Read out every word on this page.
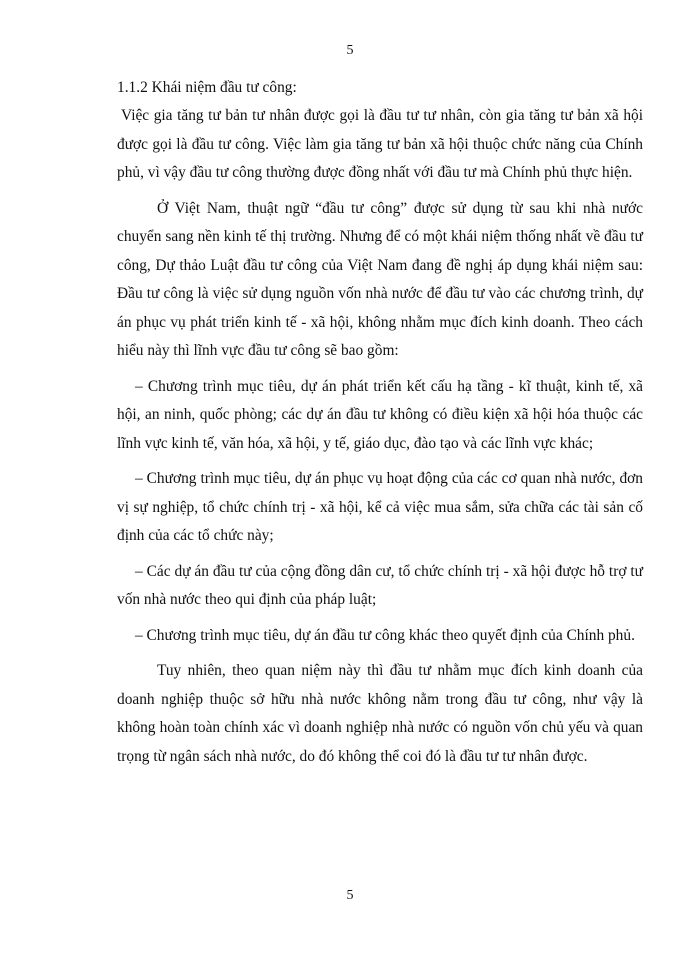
5
1.1.2 Khái niệm đầu tư công:

Việc gia tăng tư bản tư nhân được gọi là đầu tư tư nhân, còn gia tăng tư bản xã hội được gọi là đầu tư công. Việc làm gia tăng tư bản xã hội thuộc chức năng của Chính phủ, vì vậy đầu tư công thường được đồng nhất với đầu tư mà Chính phủ thực hiện.

Ở Việt Nam, thuật ngữ “đầu tư công” được sử dụng từ sau khi nhà nước chuyển sang nền kinh tế thị trường. Nhưng để có một khái niệm thống nhất về đầu tư công, Dự thảo Luật đầu tư công của Việt Nam đang đề nghị áp dụng khái niệm sau: Đầu tư công là việc sử dụng nguồn vốn nhà nước để đầu tư vào các chương trình, dự án phục vụ phát triển kinh tế - xã hội, không nhằm mục đích kinh doanh. Theo cách hiểu này thì lĩnh vực đầu tư công sẽ bao gồm:

– Chương trình mục tiêu, dự án phát triển kết cấu hạ tầng - kĩ thuật, kinh tế, xã hội, an ninh, quốc phòng; các dự án đầu tư không có điều kiện xã hội hóa thuộc các lĩnh vực kinh tế, văn hóa, xã hội, y tế, giáo dục, đào tạo và các lĩnh vực khác;

– Chương trình mục tiêu, dự án phục vụ hoạt động của các cơ quan nhà nước, đơn vị sự nghiệp, tổ chức chính trị - xã hội, kể cả việc mua sắm, sửa chữa các tài sản cố định của các tổ chức này;

– Các dự án đầu tư của cộng đồng dân cư, tổ chức chính trị - xã hội được hỗ trợ tư vốn nhà nước theo qui định của pháp luật;

– Chương trình mục tiêu, dự án đầu tư công khác theo quyết định của Chính phủ.

Tuy nhiên, theo quan niệm này thì đầu tư nhằm mục đích kinh doanh của doanh nghiệp thuộc sở hữu nhà nước không nằm trong đầu tư công, như vậy là không hoàn toàn chính xác vì doanh nghiệp nhà nước có nguồn vốn chủ yếu và quan trọng từ ngân sách nhà nước, do đó không thể coi đó là đầu tư tư nhân được.

5
